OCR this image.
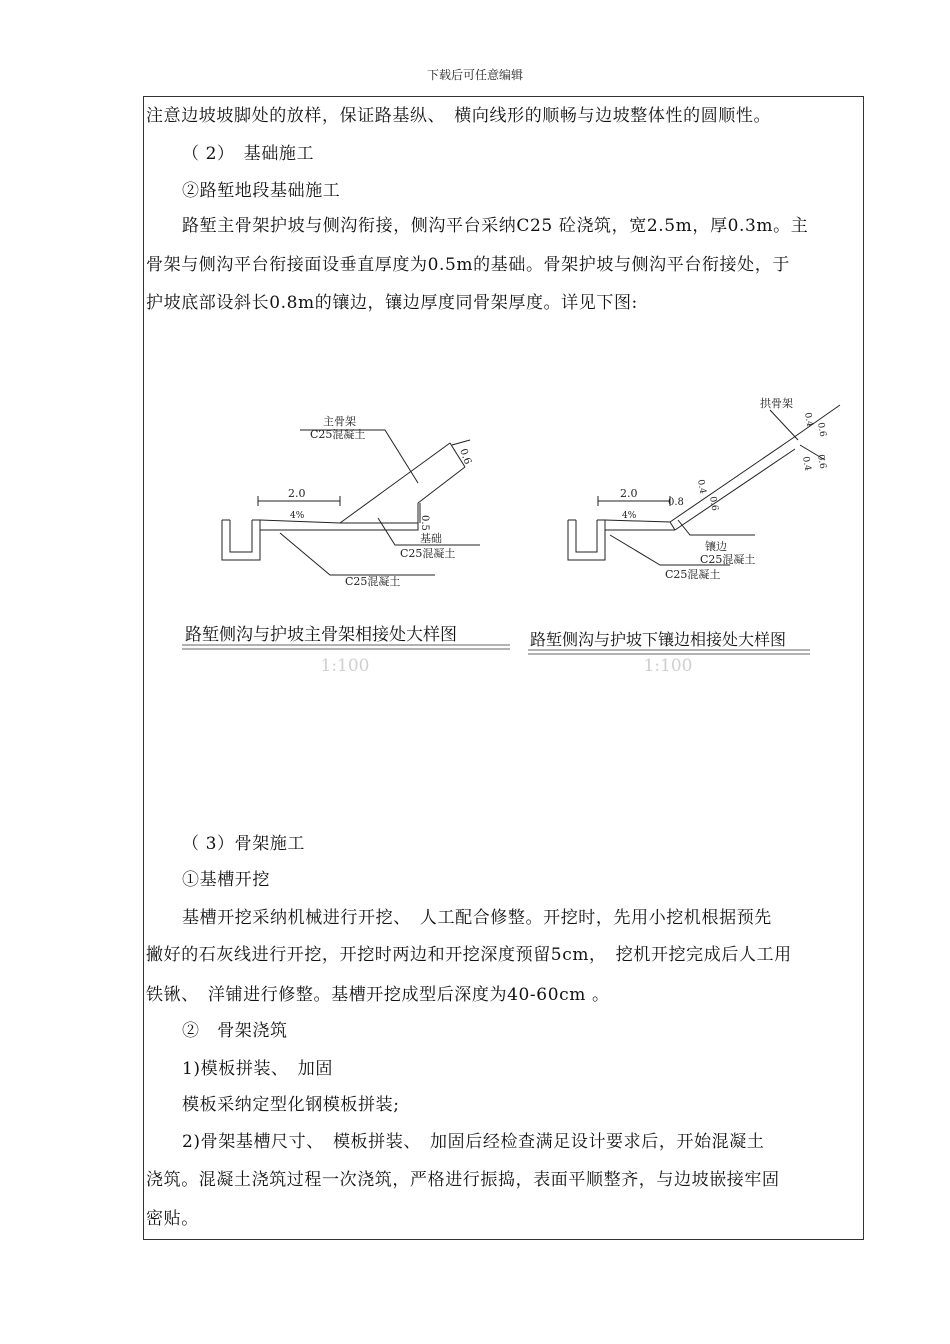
下载后可任意编辑
注意边坡坡脚处的放样，保证路基纵、　横向线形的顺畅与边坡整体性的圆顺性。
（ 2）　基础施工
②路堑地段基础施工
路堑主骨架护坡与侧沟衔接，侧沟平台采纳C25 砼浇筑，宽2.5m，厚0.3m。主
骨架与侧沟平台衔接面设垂直厚度为0.5m的基础。骨架护坡与侧沟平台衔接处，于
护坡底部设斜长0.8m的镶边，镶边厚度同骨架厚度。详见下图:
主骨架
C25混凝土
2.0
4%	0.5
0.6
基础
C25混凝土
C25混凝土
拱骨架
2.0
4%
0.8
0.4
0.6
0.4
0.6
0.4 0.6
镶边
C25混凝土
C25混凝土
路堑侧沟与护坡主骨架相接处大样图
1:100
路堑侧沟与护坡下镶边相接处大样图
1:100
（ 3）骨架施工
①基槽开挖
基槽开挖采纳机械进行开挖、　人工配合修整。开挖时，先用小挖机根据预先
撇好的石灰线进行开挖，开挖时两边和开挖深度预留5cm，　挖机开挖完成后人工用
铁锹、　洋铺进行修整。基槽开挖成型后深度为40-60cm 。
②　骨架浇筑
1)模板拼装、　加固
模板采纳定型化钢模板拼装;
2)骨架基槽尺寸、　模板拼装、　加固后经检查满足设计要求后，开始混凝土
浇筑。混凝土浇筑过程一次浇筑，严格进行振捣，表面平顺整齐，与边坡嵌接牢固
密贴。
